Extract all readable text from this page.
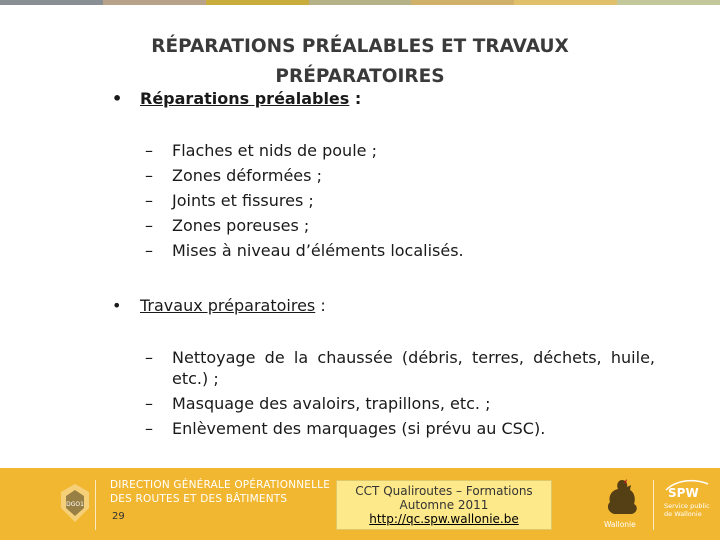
RÉPARATIONS PRÉALABLES ET TRAVAUX
PRÉPARATOIRES
• Réparations préalables :
– Flaches et nids de poule ;
– Zones déformées ;
– Joints et fissures ;
– Zones poreuses ;
– Mises à niveau d’éléments localisés.
• Travaux préparatoires :
– Nettoyage de la chaussée (débris, terres, déchets, huile, etc.) ;
– Masquage des avaloirs, trapillons, etc. ;
– Enlèvement des marquages (si prévu au CSC).
DGO1
DIRECTION GÉNÉRALE OPÉRATIONNELLE
DES ROUTES ET DES BÂTIMENTS
29
CCT Qualiroutes – Formations
Automne 2011
http://qc.spw.wallonie.be	Wallonie
SPW
Service public
de Wallonie
